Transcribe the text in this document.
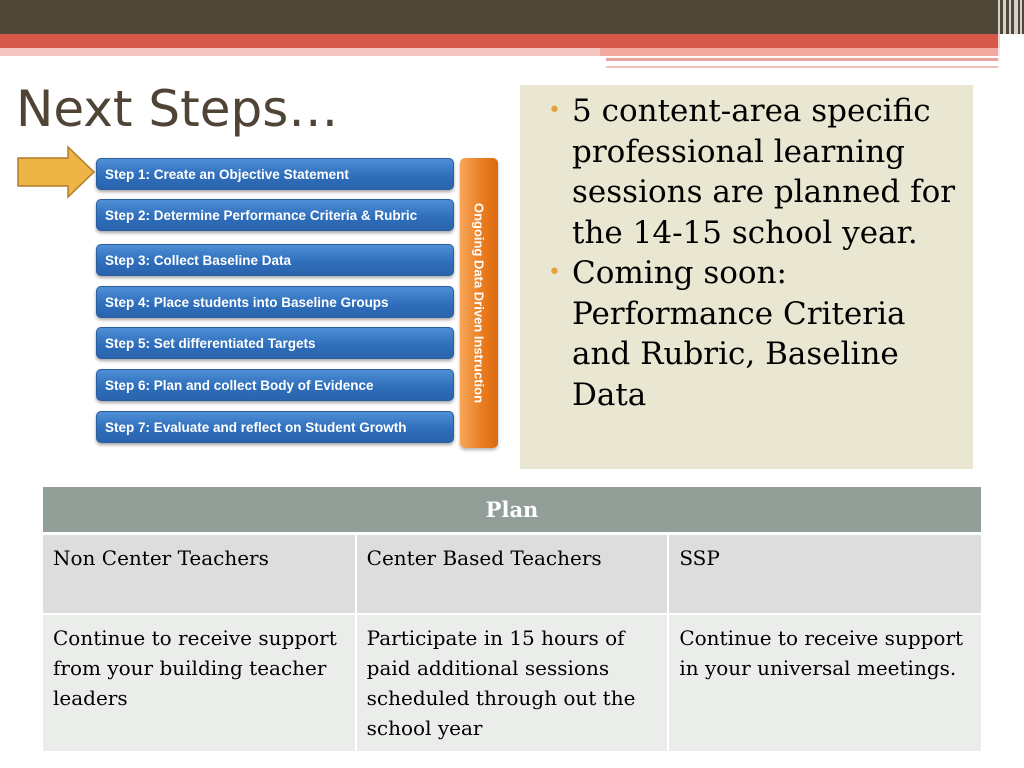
Next Steps…
Step 1: Create an Objective Statement
Step 2: Determine Performance Criteria & Rubric
Step 3: Collect Baseline Data
Step 4: Place students into Baseline Groups
Step 5: Set differentiated Targets
Step 6: Plan and collect Body of Evidence
Step 7: Evaluate and reflect on Student Growth
Ongoing Data Driven Instruction
• 5 content-area specific professional learning sessions are planned for the 14-15 school year.
• Coming soon: Performance Criteria and Rubric, Baseline Data
Plan		
Non Center Teachers	Center Based Teachers	SSP
Continue to receive support from your building teacher leaders	Participate in 15 hours of paid additional sessions scheduled through out the school year	Continue to receive support in your universal meetings.
